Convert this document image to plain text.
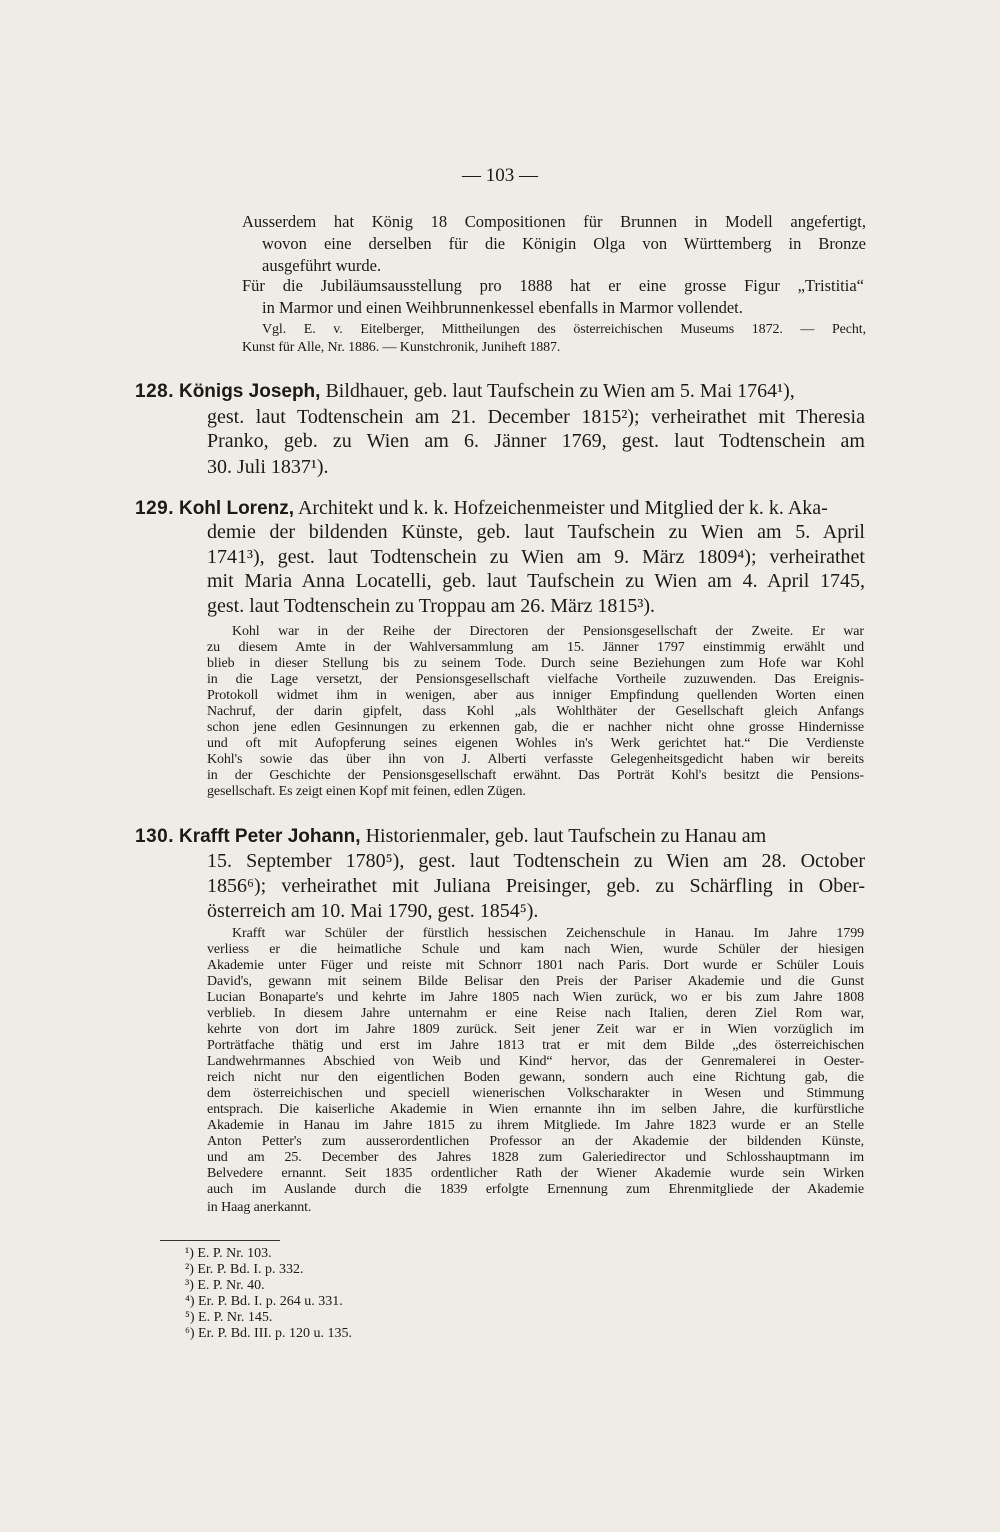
— 103 —
Ausserdem hat König 18 Compositionen für Brunnen in Modell angefertigt,
wovon eine derselben für die Königin Olga von Württemberg in Bronze
ausgeführt wurde.
Für die Jubiläumsausstellung pro 1888 hat er eine grosse Figur „Tristitia“
in Marmor und einen Weihbrunnenkessel ebenfalls in Marmor vollendet.
Vgl. E. v. Eitelberger, Mittheilungen des österreichischen Museums 1872. — Pecht,
Kunst für Alle, Nr. 1886. — Kunstchronik, Juniheft 1887.
128. Königs Joseph, Bildhauer, geb. laut Taufschein zu Wien am 5. Mai 1764¹),
gest. laut Todtenschein am 21. December 1815²); verheirathet mit Theresia
Pranko, geb. zu Wien am 6. Jänner 1769, gest. laut Todtenschein am
30. Juli 1837¹).
129. Kohl Lorenz, Architekt und k. k. Hofzeichenmeister und Mitglied der k. k. Aka-
demie der bildenden Künste, geb. laut Taufschein zu Wien am 5. April
1741³), gest. laut Todtenschein zu Wien am 9. März 1809⁴); verheirathet
mit Maria Anna Locatelli, geb. laut Taufschein zu Wien am 4. April 1745,
gest. laut Todtenschein zu Troppau am 26. März 1815³).
Kohl war in der Reihe der Directoren der Pensionsgesellschaft der Zweite. Er war
zu diesem Amte in der Wahlversammlung am 15. Jänner 1797 einstimmig erwählt und
blieb in dieser Stellung bis zu seinem Tode. Durch seine Beziehungen zum Hofe war Kohl
in die Lage versetzt, der Pensionsgesellschaft vielfache Vortheile zuzuwenden. Das Ereignis-
Protokoll widmet ihm in wenigen, aber aus inniger Empfindung quellenden Worten einen
Nachruf, der darin gipfelt, dass Kohl „als Wohlthäter der Gesellschaft gleich Anfangs
schon jene edlen Gesinnungen zu erkennen gab, die er nachher nicht ohne grosse Hindernisse
und oft mit Aufopferung seines eigenen Wohles in's Werk gerichtet hat.“ Die Verdienste
Kohl's sowie das über ihn von J. Alberti verfasste Gelegenheitsgedicht haben wir bereits
in der Geschichte der Pensionsgesellschaft erwähnt. Das Porträt Kohl's besitzt die Pensions-
gesellschaft. Es zeigt einen Kopf mit feinen, edlen Zügen.
130. Krafft Peter Johann, Historienmaler, geb. laut Taufschein zu Hanau am
15. September 1780⁵), gest. laut Todtenschein zu Wien am 28. October
1856⁶); verheirathet mit Juliana Preisinger, geb. zu Schärfling in Ober-
österreich am 10. Mai 1790, gest. 1854⁵).
Krafft war Schüler der fürstlich hessischen Zeichenschule in Hanau. Im Jahre 1799
verliess er die heimatliche Schule und kam nach Wien, wurde Schüler der hiesigen
Akademie unter Füger und reiste mit Schnorr 1801 nach Paris. Dort wurde er Schüler Louis
David's, gewann mit seinem Bilde Belisar den Preis der Pariser Akademie und die Gunst
Lucian Bonaparte's und kehrte im Jahre 1805 nach Wien zurück, wo er bis zum Jahre 1808
verblieb. In diesem Jahre unternahm er eine Reise nach Italien, deren Ziel Rom war,
kehrte von dort im Jahre 1809 zurück. Seit jener Zeit war er in Wien vorzüglich im
Porträtfache thätig und erst im Jahre 1813 trat er mit dem Bilde „des österreichischen
Landwehrmannes Abschied von Weib und Kind“ hervor, das der Genremalerei in Oester-
reich nicht nur den eigentlichen Boden gewann, sondern auch eine Richtung gab, die
dem österreichischen und speciell wienerischen Volkscharakter in Wesen und Stimmung
entsprach. Die kaiserliche Akademie in Wien ernannte ihn im selben Jahre, die kurfürstliche
Akademie in Hanau im Jahre 1815 zu ihrem Mitgliede. Im Jahre 1823 wurde er an Stelle
Anton Petter's zum ausserordentlichen Professor an der Akademie der bildenden Künste,
und am 25. December des Jahres 1828 zum Galeriedirector und Schlosshauptmann im
Belvedere ernannt. Seit 1835 ordentlicher Rath der Wiener Akademie wurde sein Wirken
auch im Auslande durch die 1839 erfolgte Ernennung zum Ehrenmitgliede der Akademie
in Haag anerkannt.
¹) E. P. Nr. 103.
²) Er. P. Bd. I. p. 332.
³) E. P. Nr. 40.
⁴) Er. P. Bd. I. p. 264 u. 331.
⁵) E. P. Nr. 145.
⁶) Er. P. Bd. III. p. 120 u. 135.
